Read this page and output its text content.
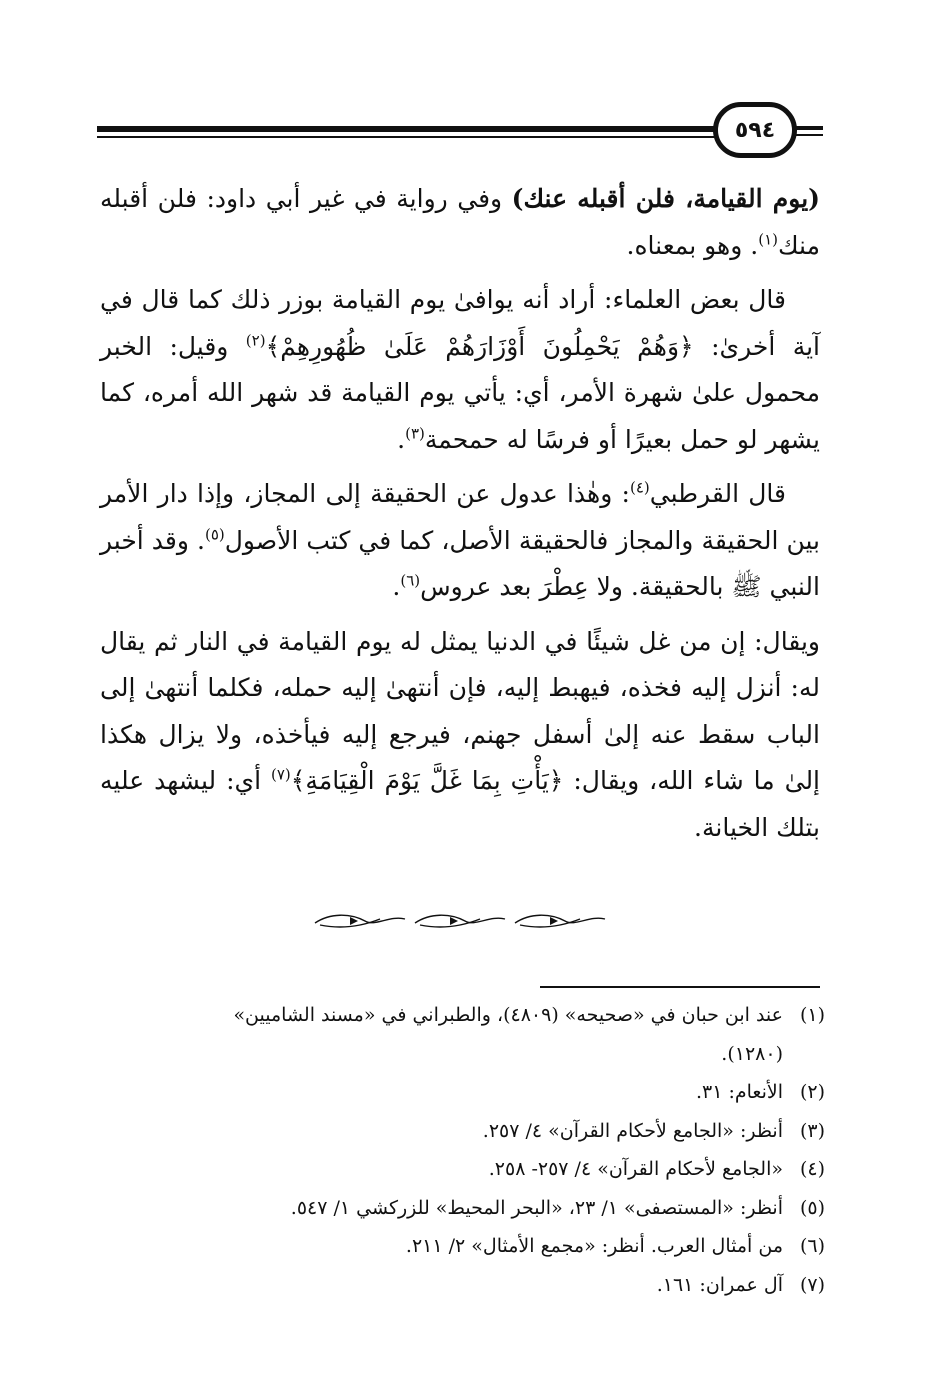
٥٩٤

(يوم القيامة، فلن أقبله عنك) وفي رواية في غير أبي داود: فلن أقبله منك$^{(١)}$. وهو بمعناه.

قال بعض العلماء: أراد أنه يوافىٰ يوم القيامة بوزر ذلك كما قال في آية أخرىٰ: ﴿وَهُمْ يَحْمِلُونَ أَوْزَارَهُمْ عَلَىٰ ظُهُورِهِمْ﴾$^{(٢)}$ وقيل: الخبر محمول علىٰ شهرة الأمر، أي: يأتي يوم القيامة قد شهر الله أمره، كما يشهر لو حمل بعيرًا أو فرسًا له حمحمة$^{(٣)}$.

قال القرطبي$^{(٤)}$: وهٰذا عدول عن الحقيقة إلى المجاز، وإذا دار الأمر بين الحقيقة والمجاز فالحقيقة الأصل، كما في كتب الأصول$^{(٥)}$. وقد أخبر النبي ﷺ بالحقيقة. ولا عِطْرَ بعد عروس$^{(٦)}$.

ويقال: إن من غل شيئًا في الدنيا يمثل له يوم القيامة في النار ثم يقال له: أنزل إليه فخذه، فيهبط إليه، فإن أنتهىٰ إليه حمله، فكلما أنتهىٰ إلى الباب سقط عنه إلىٰ أسفل جهنم، فيرجع إليه فيأخذه، ولا يزال هكذا إلىٰ ما شاء الله، ويقال: ﴿يَأْتِ بِمَا غَلَّ يَوْمَ الْقِيَامَةِ﴾$^{(٧)}$ أي: ليشهد عليه بتلك الخيانة.

(١)
عند ابن حبان في «صحيحه» (٤٨٠٩)، والطبراني في «مسند الشاميين» (١٢٨٠).
(٢)
الأنعام: ٣١.
(٣)
أنظر: «الجامع لأحكام القرآن» ٤/ ٢٥٧.
(٤)
«الجامع لأحكام القرآن» ٤/ ٢٥٧- ٢٥٨.
(٥)
أنظر: «المستصفى» ١/ ٢٣، «البحر المحيط» للزركشي ١/ ٥٤٧.
(٦)
من أمثال العرب. أنظر: «مجمع الأمثال» ٢/ ٢١١.
(٧)
آل عمران: ١٦١.
